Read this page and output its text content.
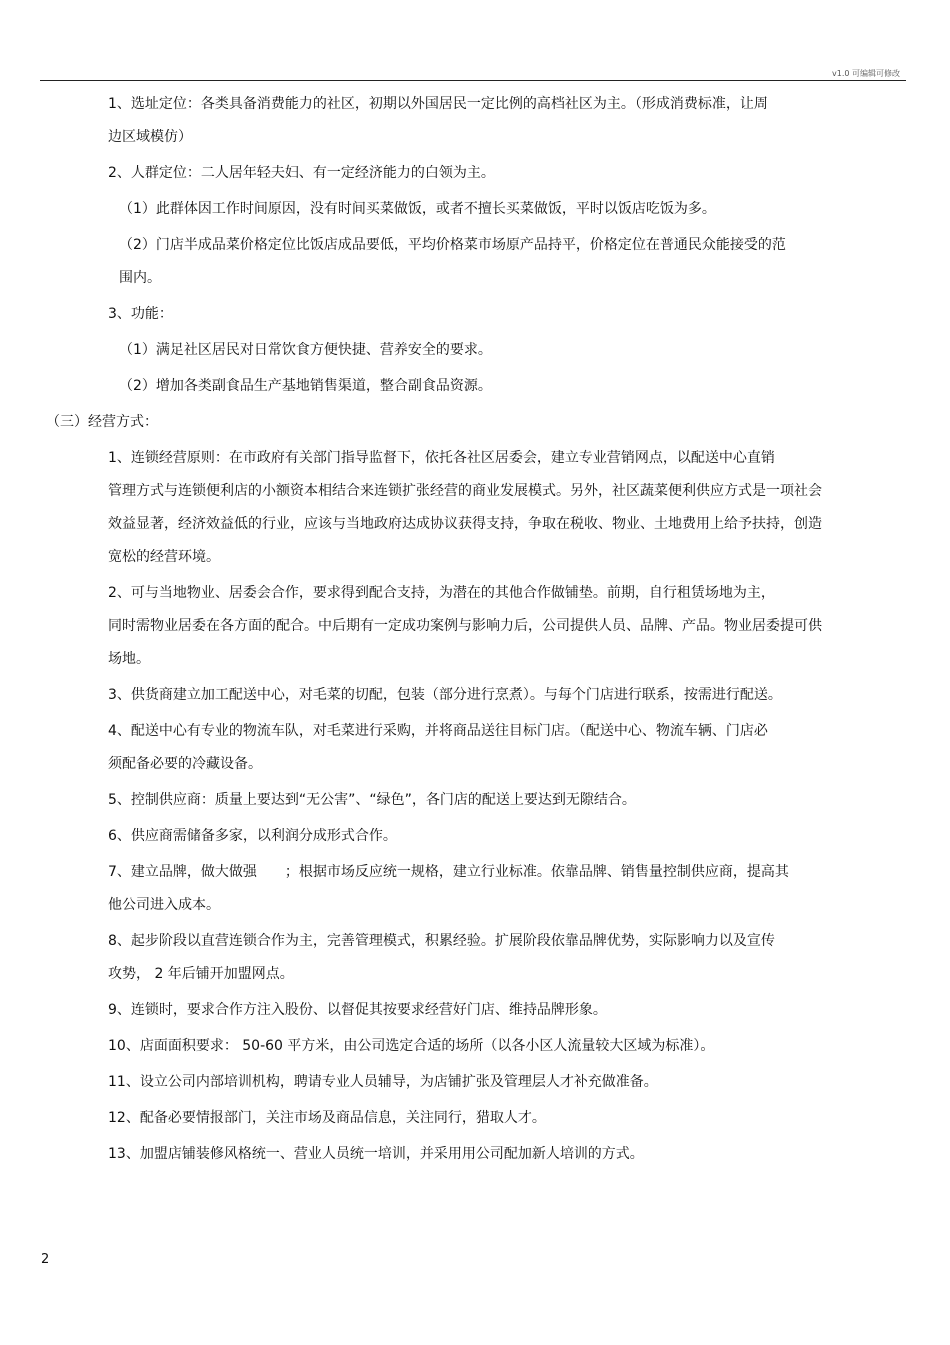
v1.0 可编辑可修改
1、选址定位：各类具备消费能力的社区，初期以外国居民一定比例的高档社区为主。（形成消费标准，让周
边区域模仿）
2、人群定位：二人居年轻夫妇、有一定经济能力的白领为主。
（1）此群体因工作时间原因，没有时间买菜做饭，或者不擅长买菜做饭，平时以饭店吃饭为多。
（2）门店半成品菜价格定位比饭店成品要低，平均价格菜市场原产品持平，价格定位在普通民众能接受的范
围内。
3、功能：
（1）满足社区居民对日常饮食方便快捷、营养安全的要求。
（2）增加各类副食品生产基地销售渠道，整合副食品资源。
（三）经营方式：
1、连锁经营原则：在市政府有关部门指导监督下，依托各社区居委会，建立专业营销网点，以配送中心直销
管理方式与连锁便利店的小额资本相结合来连锁扩张经营的商业发展模式。另外，社区蔬菜便利供应方式是一项社会
效益显著，经济效益低的行业，应该与当地政府达成协议获得支持，争取在税收、物业、土地费用上给予扶持，创造
宽松的经营环境。
2、可与当地物业、居委会合作，要求得到配合支持，为潜在的其他合作做铺垫。前期，自行租赁场地为主，
同时需物业居委在各方面的配合。中后期有一定成功案例与影响力后，公司提供人员、品牌、产品。物业居委提可供
场地。
3、供货商建立加工配送中心，对毛菜的切配，包装（部分进行烹煮）。与每个门店进行联系，按需进行配送。
4、配送中心有专业的物流车队，对毛菜进行采购，并将商品送往目标门店。（配送中心、物流车辆、门店必
须配备必要的冷藏设备。
5、控制供应商：质量上要达到“无公害”、“绿色”，各门店的配送上要达到无隙结合。
6、供应商需储备多家，以利润分成形式合作。
7、建立品牌，做大做强　　；根据市场反应统一规格，建立行业标准。依靠品牌、销售量控制供应商，提高其
他公司进入成本。
8、起步阶段以直营连锁合作为主，完善管理模式，积累经验。扩展阶段依靠品牌优势，实际影响力以及宣传
攻势， 2 年后铺开加盟网点。
9、连锁时，要求合作方注入股份、以督促其按要求经营好门店、维持品牌形象。
10、店面面积要求： 50-60 平方米，由公司选定合适的场所（以各小区人流量较大区域为标准）。
11、设立公司内部培训机构，聘请专业人员辅导，为店铺扩张及管理层人才补充做准备。
12、配备必要情报部门，关注市场及商品信息，关注同行，猎取人才。
13、加盟店铺装修风格统一、营业人员统一培训，并采用用公司配加新人培训的方式。
2
